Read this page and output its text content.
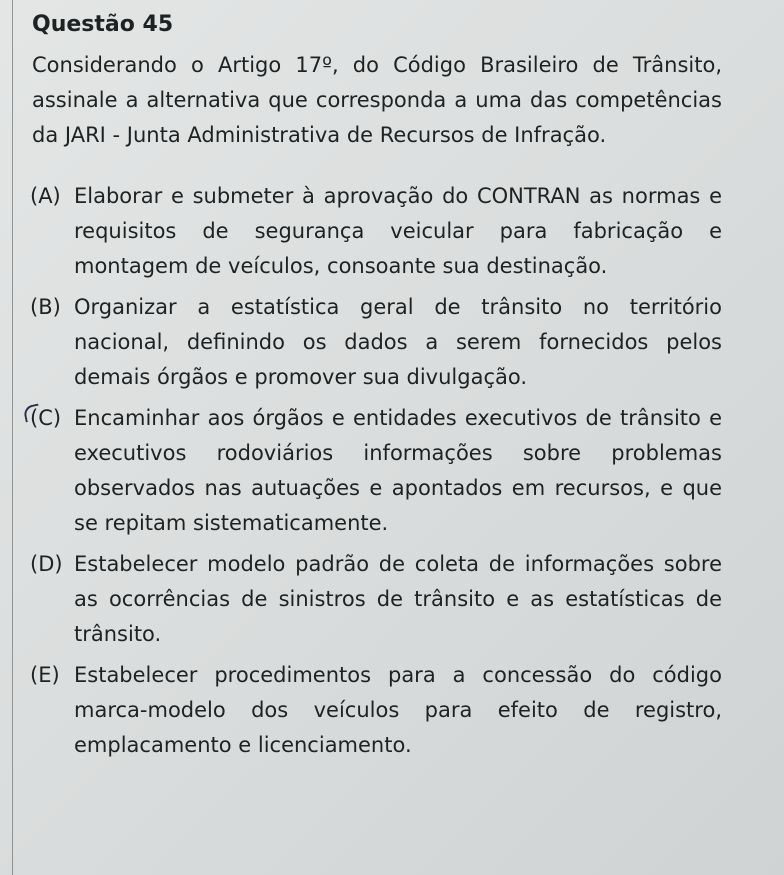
Questão 45

Considerando o Artigo 17º, do Código Brasileiro de Trânsito, assinale a alternativa que corresponda a uma das competências da JARI - Junta Administrativa de Recursos de Infração.

(A) Elaborar e submeter à aprovação do CONTRAN as normas e requisitos de segurança veicular para fabricação e montagem de veículos, consoante sua destinação.
(B) Organizar a estatística geral de trânsito no território nacional, definindo os dados a serem fornecidos pelos demais órgãos e promover sua divulgação.
(C) Encaminhar aos órgãos e entidades executivos de trânsito e executivos rodoviários informações sobre problemas observados nas autuações e apontados em recursos, e que se repitam sistematicamente.
(D) Estabelecer modelo padrão de coleta de informações sobre as ocorrências de sinistros de trânsito e as estatísticas de trânsito.
(E) Estabelecer procedimentos para a concessão do código marca-modelo dos veículos para efeito de registro, emplacamento e licenciamento.
